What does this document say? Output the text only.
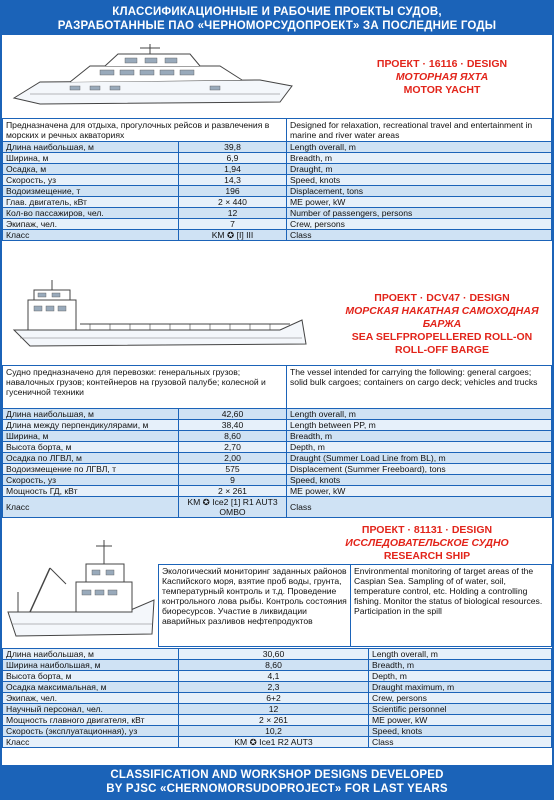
КЛАССИФИКАЦИОННЫЕ И РАБОЧИЕ ПРОЕКТЫ СУДОВ,
РАЗРАБОТАННЫЕ ПАО «ЧЕРНОМОРСУДОПРОЕКТ» ЗА ПОСЛЕДНИЕ ГОДЫ
ПРОЕКТ · 16116 · DESIGN
МОТОРНАЯ ЯХТА
MOTOR YACHT
Предназначена для отдыха, прогулочных рейсов и развлечения в морских и речных акваториях		Designed for relaxation, recreational travel and entertainment in marine and river water areas
Длина наибольшая, м	39,8	Length overall, m
Ширина, м	6,9	Breadth, m
Осадка, м	1,94	Draught, m
Скорость, уз	14,3	Speed, knots
Водоизмещение, т	196	Displacement, tons
Глав. двигатель, кВт	2 × 440	ME power, kW
Кол-во пассажиров, чел.	12	Number of passengers, persons
Экипаж, чел.	7	Crew, persons
Класс	KM ✪ [I] III	Class
ПРОЕКТ · DCV47 · DESIGN
МОРСКАЯ НАКАТНАЯ САМОХОДНАЯ БАРЖА
SEA SELFPROPELLERED ROLL-ON ROLL-OFF BARGE
Судно предназначено для перевозки: генеральных грузов; навалочных грузов; контейнеров на грузовой палубе; колесной и гусеничной техники		The vessel intended for carrying the following: general cargoes; solid bulk cargoes; containers on cargo deck; vehicles and trucks
Длина наибольшая, м	42,60	Length overall, m
Длина между перпендикулярами, м	38,40	Length between PP, m
Ширина, м	8,60	Breadth, m
Высота борта, м	2,70	Depth, m
Осадка по ЛГВЛ, м	2,00	Draught (Summer Load Line from BL), m
Водоизмещение по ЛГВЛ, т	575	Displacement (Summer Freeboard), tons
Скорость, уз	9	Speed, knots
Мощность ГД, кВт	2 × 261	ME power, kW
Класс	KM ✪ Ice2 [1] R1 AUT3 OMBO	Class
ПРОЕКТ · 81131 · DESIGN
ИССЛЕДОВАТЕЛЬСКОЕ СУДНО
RESEARCH SHIP
Экологический мониторинг заданных районов Каспийского моря, взятие проб воды, грунта, температурный контроль и т.д. Проведение контрольного лова рыбы. Контроль состояния биоресурсов. Участие в ликвидации аварийных разливов нефтепродуктов	Environmental monitoring of target areas of the Caspian Sea. Sampling of of water, soil, temperature control, etc. Holding a controlling fishing. Monitor the status of biological resources. Participation in the spill
Длина наибольшая, м	30,60	Length overall, m
Ширина наибольшая, м	8,60	Breadth, m
Высота борта, м	4,1	Depth, m
Осадка максимальная, м	2,3	Draught maximum, m
Экипаж, чел.	6+2	Crew, persons
Научный персонал, чел.	12	Scientific personnel
Мощность главного двигателя, кВт	2 × 261	ME power, kW
Скорость (эксплуатационная), уз	10,2	Speed, knots
Класс	KM ✪ Ice1 R2 AUT3	Class
CLASSIFICATION AND WORKSHOP DESIGNS DEVELOPED
BY PJSC «CHERNOMORSUDOPROJECT» FOR LAST YEARS
